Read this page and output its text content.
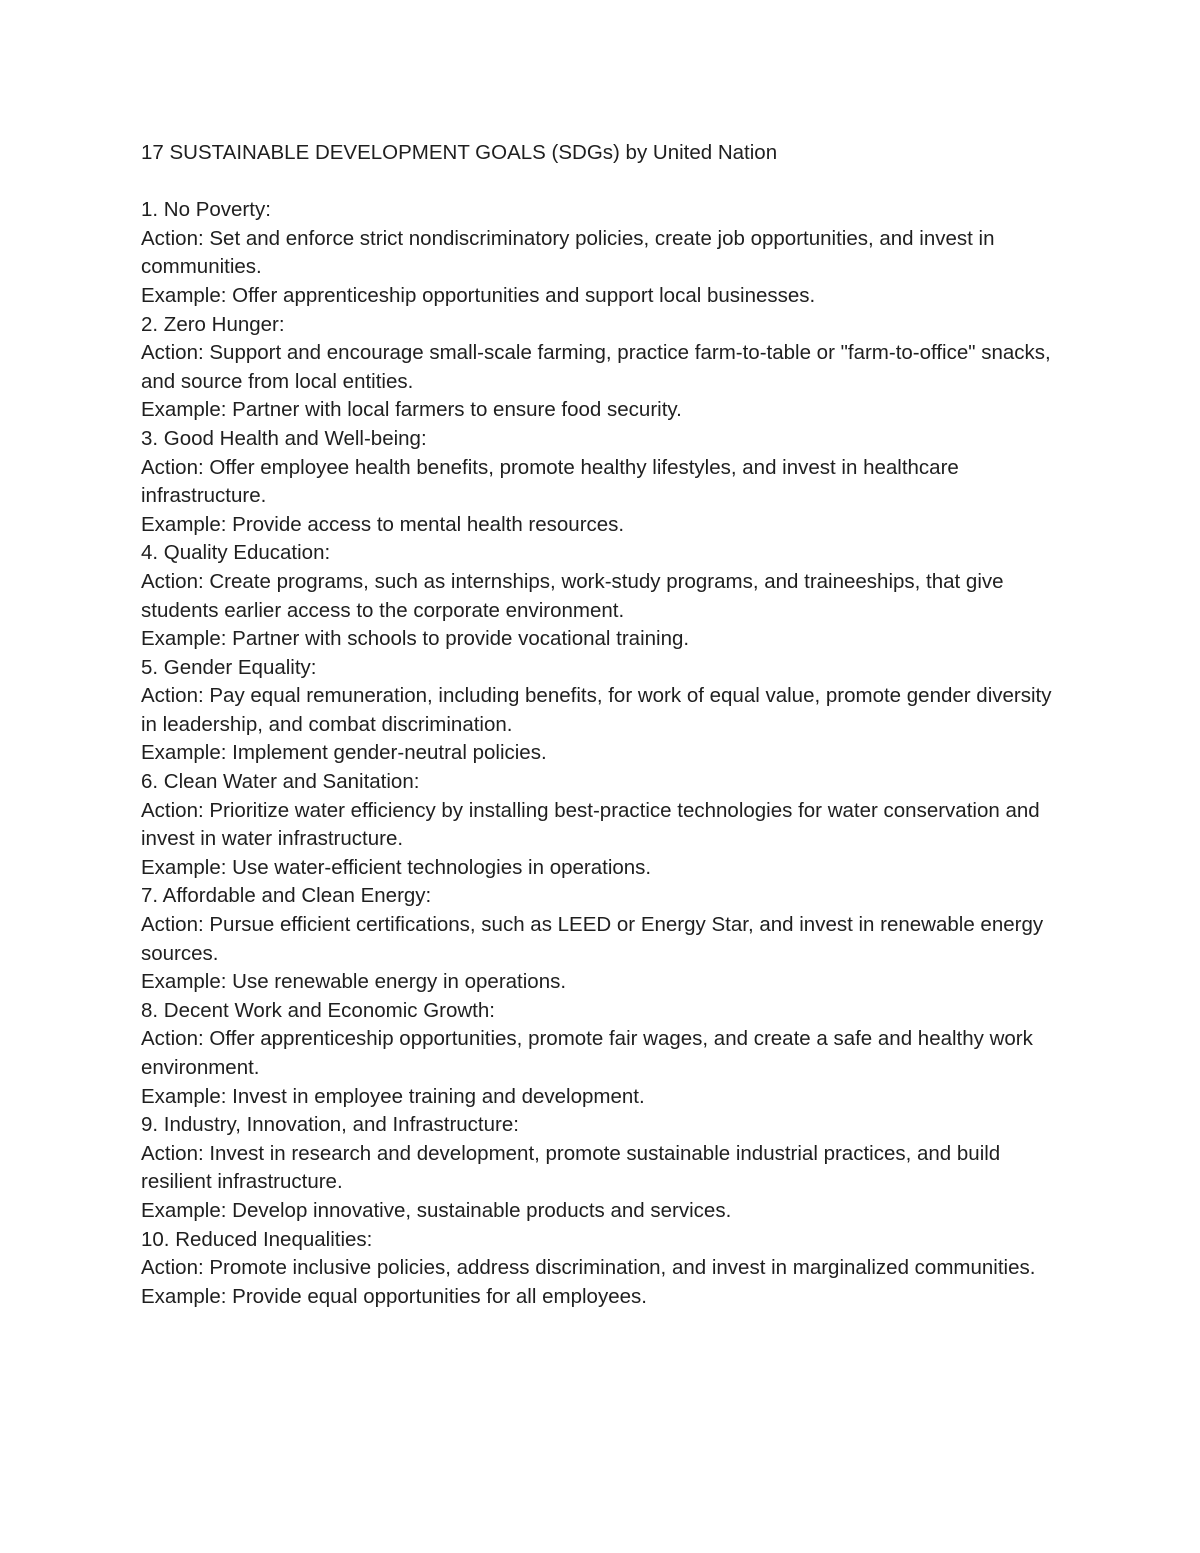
17 SUSTAINABLE DEVELOPMENT GOALS (SDGs) by United Nation

1. No Poverty:

Action: Set and enforce strict nondiscriminatory policies, create job opportunities, and invest in communities.

Example: Offer apprenticeship opportunities and support local businesses.

2. Zero Hunger:

Action: Support and encourage small-scale farming, practice farm-to-table or "farm-to-office" snacks, and source from local entities.

Example: Partner with local farmers to ensure food security.

3. Good Health and Well-being:

Action: Offer employee health benefits, promote healthy lifestyles, and invest in healthcare infrastructure.

Example: Provide access to mental health resources.

4. Quality Education:

Action: Create programs, such as internships, work-study programs, and traineeships, that give students earlier access to the corporate environment.

Example: Partner with schools to provide vocational training.

5. Gender Equality:

Action: Pay equal remuneration, including benefits, for work of equal value, promote gender diversity in leadership, and combat discrimination.

Example: Implement gender-neutral policies.

6. Clean Water and Sanitation:

Action: Prioritize water efficiency by installing best-practice technologies for water conservation and invest in water infrastructure.

Example: Use water-efficient technologies in operations.

7. Affordable and Clean Energy:

Action: Pursue efficient certifications, such as LEED or Energy Star, and invest in renewable energy sources.

Example: Use renewable energy in operations.

8. Decent Work and Economic Growth:

Action: Offer apprenticeship opportunities, promote fair wages, and create a safe and healthy work environment.

Example: Invest in employee training and development.

9. Industry, Innovation, and Infrastructure:

Action: Invest in research and development, promote sustainable industrial practices, and build resilient infrastructure.

Example: Develop innovative, sustainable products and services.

10. Reduced Inequalities:

Action: Promote inclusive policies, address discrimination, and invest in marginalized communities.

Example: Provide equal opportunities for all employees.
